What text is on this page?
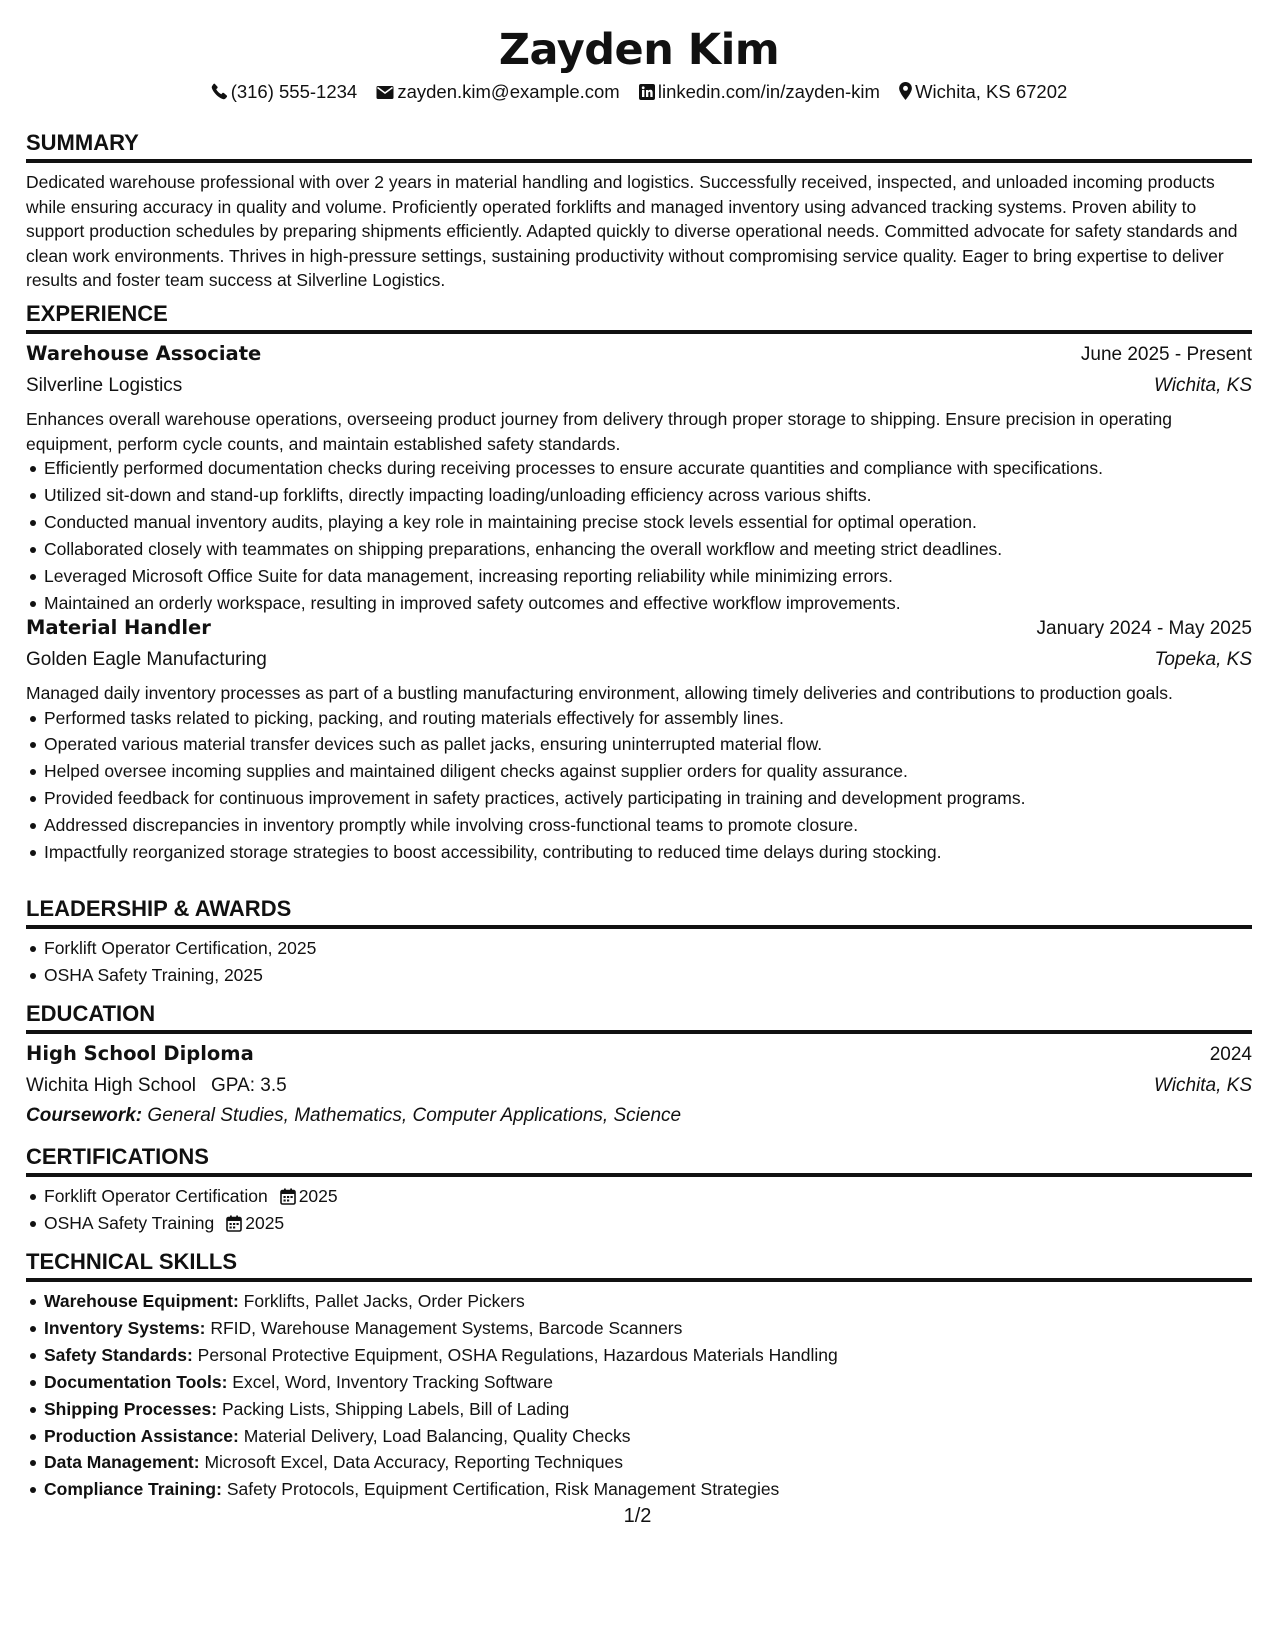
Zayden Kim
(316) 555-1234 zayden.kim@example.com linkedin.com/in/zayden-kim Wichita, KS 67202
SUMMARY

Dedicated warehouse professional with over 2 years in material handling and logistics. Successfully received, inspected, and unloaded incoming products while ensuring accuracy in quality and volume. Proficiently operated forklifts and managed inventory using advanced tracking systems. Proven ability to support production schedules by preparing shipments efficiently. Adapted quickly to diverse operational needs. Committed advocate for safety standards and clean work environments. Thrives in high-pressure settings, sustaining productivity without compromising service quality. Eager to bring expertise to deliver results and foster team success at Silverline Logistics.

EXPERIENCE
Warehouse Associate	June 2025 - Present
Silverline Logistics	Wichita, KS

Enhances overall warehouse operations, overseeing product journey from delivery through proper storage to shipping. Ensure precision in operating equipment, perform cycle counts, and maintain established safety standards.

Efficiently performed documentation checks during receiving processes to ensure accurate quantities and compliance with specifications.
Utilized sit-down and stand-up forklifts, directly impacting loading/unloading efficiency across various shifts.
Conducted manual inventory audits, playing a key role in maintaining precise stock levels essential for optimal operation.
Collaborated closely with teammates on shipping preparations, enhancing the overall workflow and meeting strict deadlines.
Leveraged Microsoft Office Suite for data management, increasing reporting reliability while minimizing errors.
Maintained an orderly workspace, resulting in improved safety outcomes and effective workflow improvements.
Material Handler	January 2024 - May 2025
Golden Eagle Manufacturing	Topeka, KS

Managed daily inventory processes as part of a bustling manufacturing environment, allowing timely deliveries and contributions to production goals.

Performed tasks related to picking, packing, and routing materials effectively for assembly lines.
Operated various material transfer devices such as pallet jacks, ensuring uninterrupted material flow.
Helped oversee incoming supplies and maintained diligent checks against supplier orders for quality assurance.
Provided feedback for continuous improvement in safety practices, actively participating in training and development programs.
Addressed discrepancies in inventory promptly while involving cross-functional teams to promote closure.
Impactfully reorganized storage strategies to boost accessibility, contributing to reduced time delays during stocking.
LEADERSHIP & AWARDS
Forklift Operator Certification, 2025
OSHA Safety Training, 2025
EDUCATION
High School Diploma	2024
Wichita High School GPA: 3.5	Wichita, KS
Coursework: General Studies, Mathematics, Computer Applications, Science
CERTIFICATIONS
Forklift Operator Certification 2025
OSHA Safety Training 2025
TECHNICAL SKILLS
Warehouse Equipment: Forklifts, Pallet Jacks, Order Pickers
Inventory Systems: RFID, Warehouse Management Systems, Barcode Scanners
Safety Standards: Personal Protective Equipment, OSHA Regulations, Hazardous Materials Handling
Documentation Tools: Excel, Word, Inventory Tracking Software
Shipping Processes: Packing Lists, Shipping Labels, Bill of Lading
Production Assistance: Material Delivery, Load Balancing, Quality Checks
Data Management: Microsoft Excel, Data Accuracy, Reporting Techniques
Compliance Training: Safety Protocols, Equipment Certification, Risk Management Strategies
1/2
